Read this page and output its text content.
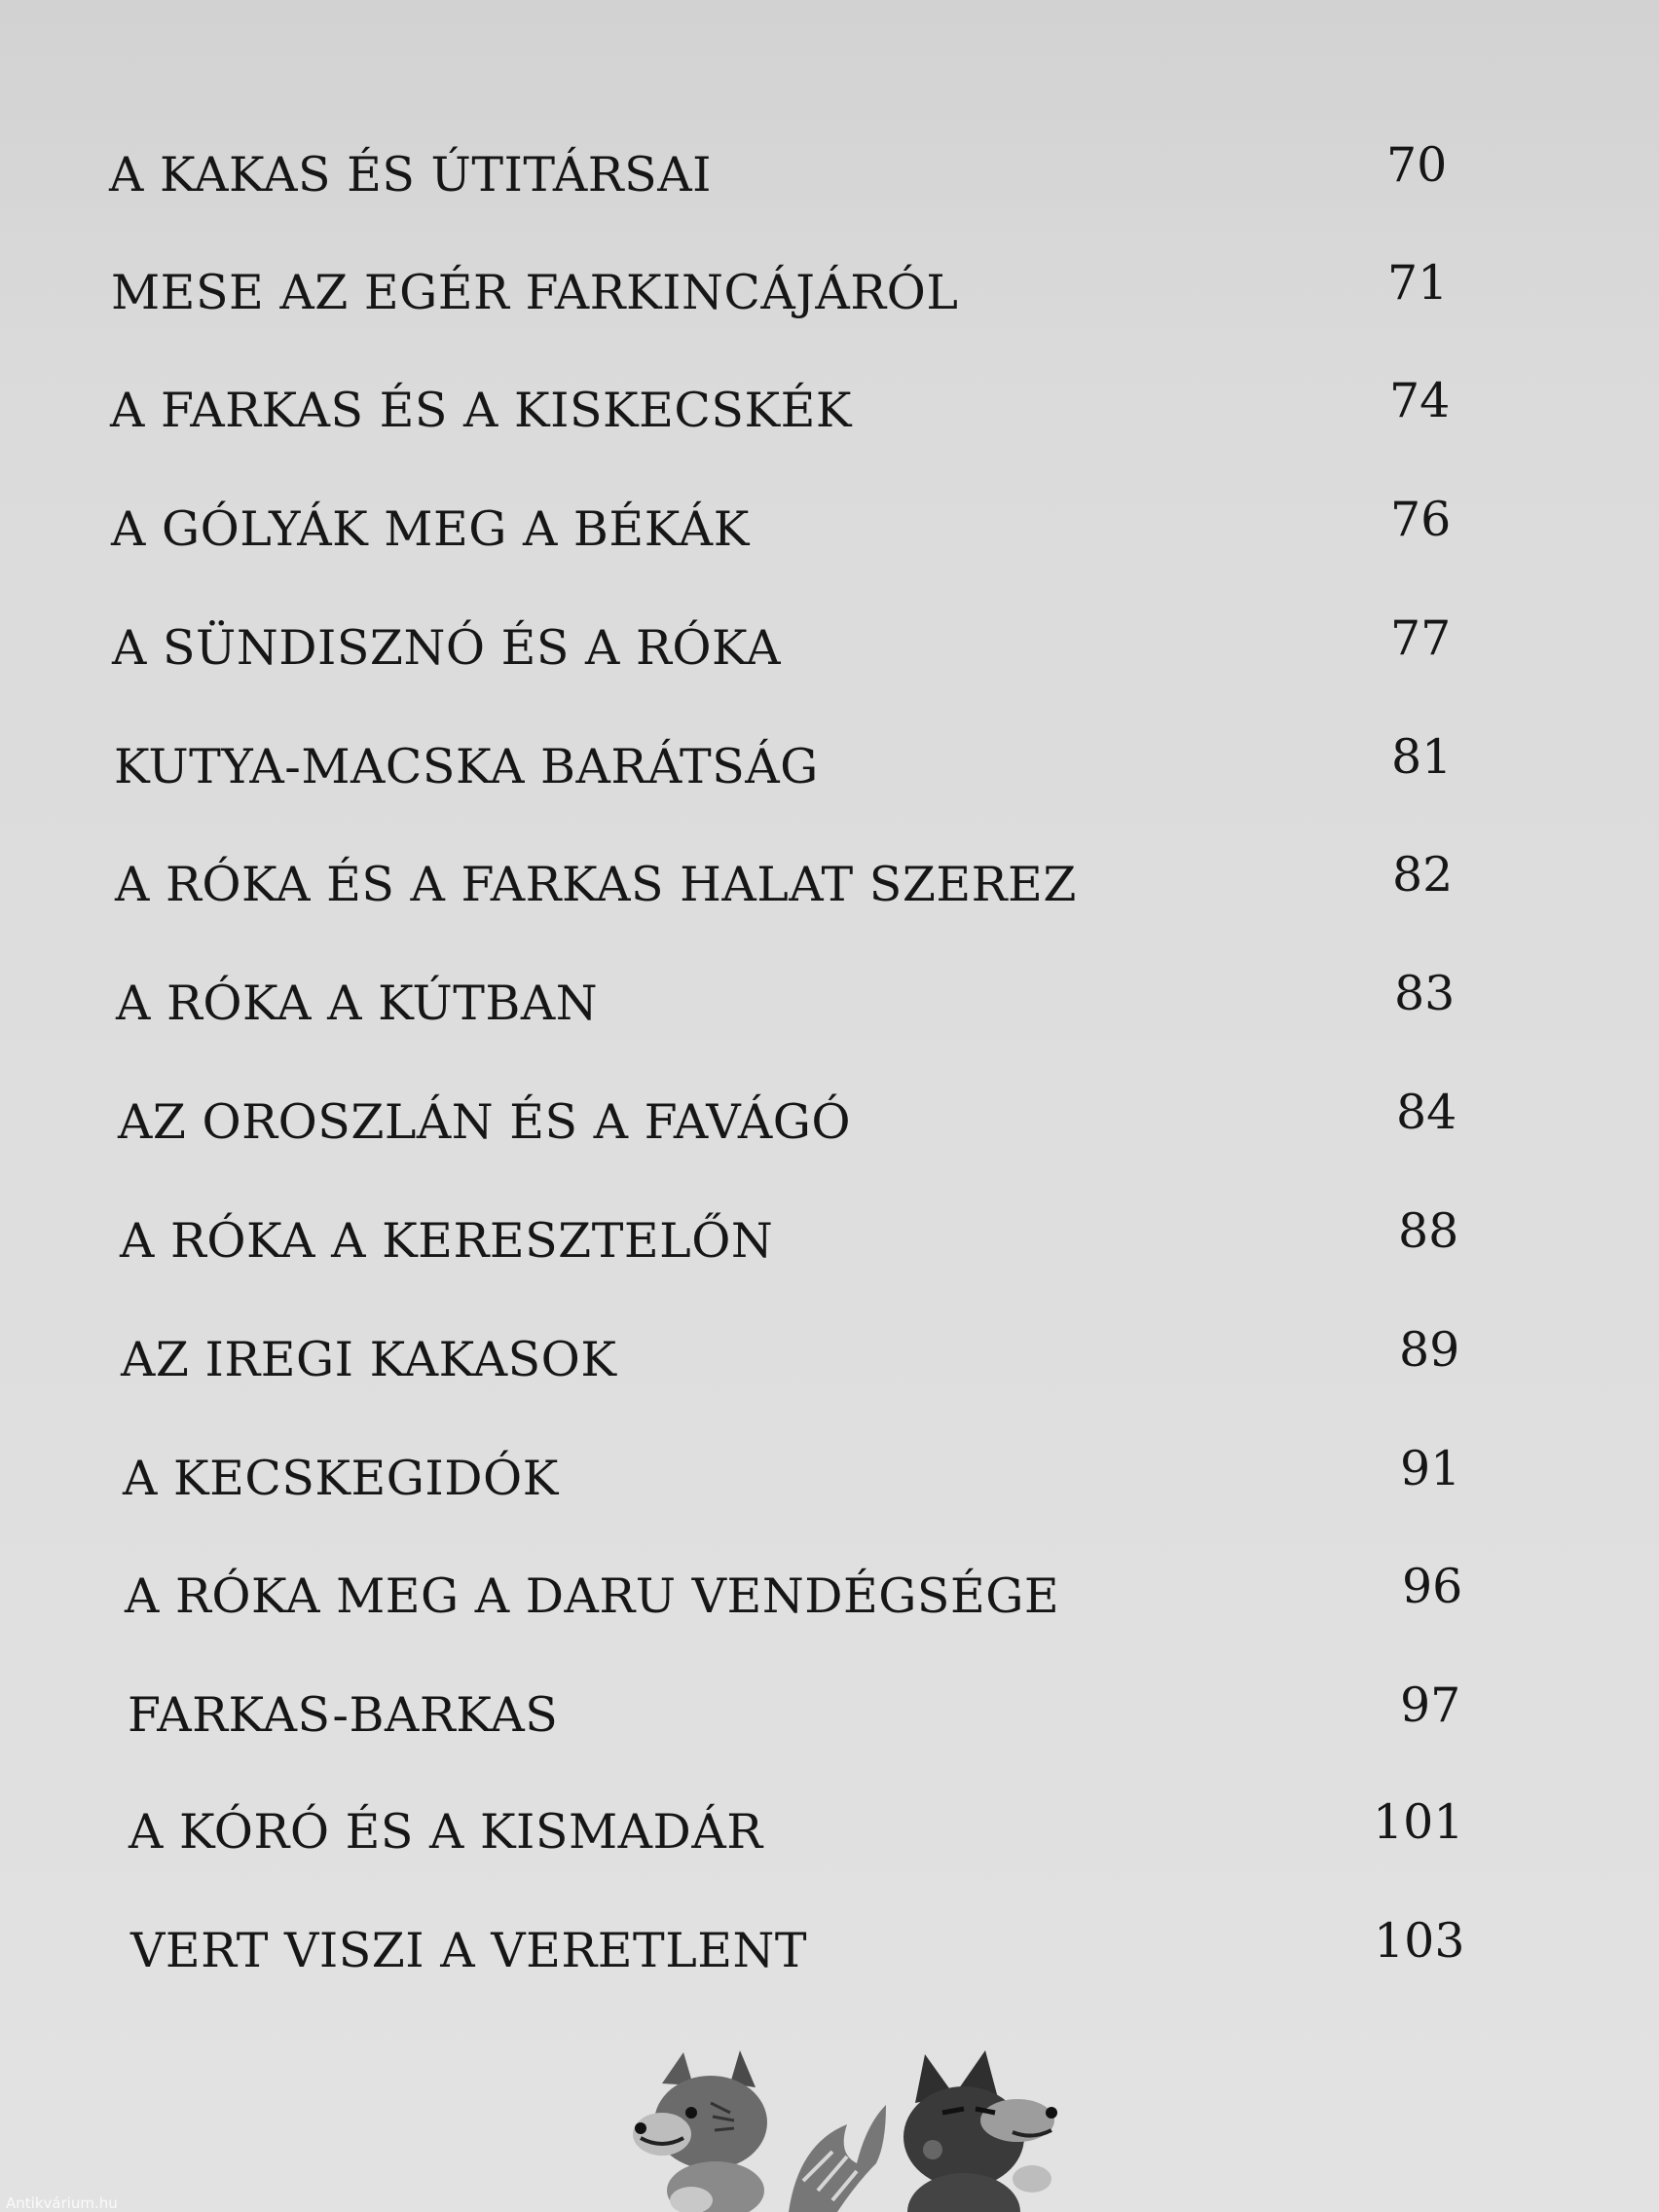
A KAKAS ÉS ÚTITÁRSAI	70
MESE AZ EGÉR FARKINCÁJÁRÓL	71
A FARKAS ÉS A KISKECSKÉK	74
A GÓLYÁK MEG A BÉKÁK	76
A SÜNDISZNÓ ÉS A RÓKA	77
KUTYA-MACSKA BARÁTSÁG	81
A RÓKA ÉS A FARKAS HALAT SZEREZ	82
A RÓKA A KÚTBAN	83
AZ OROSZLÁN ÉS A FAVÁGÓ	84
A RÓKA A KERESZTELŐN	88
AZ IREGI KAKASOK	89
A KECSKEGIDÓK	91
A RÓKA MEG A DARU VENDÉGSÉGE	96
FARKAS-BARKAS	97
A KÓRÓ ÉS A KISMADÁR	101
VERT VISZI A VERETLENT	103
Antikvárium.hu
